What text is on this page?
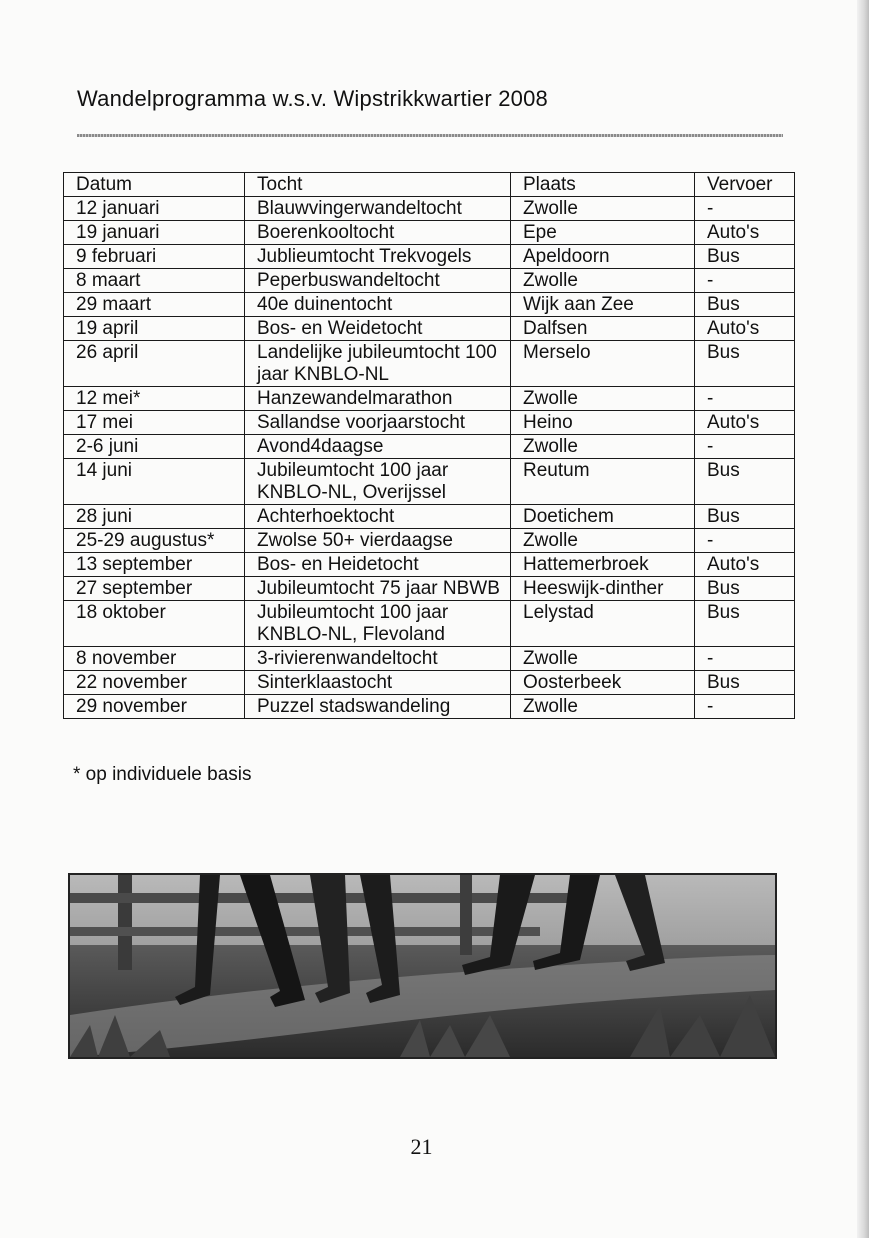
Wandelprogramma w.s.v. Wipstrikkwartier 2008
Datum	Tocht	Plaats	Vervoer
12 januari	Blauwvingerwandeltocht	Zwolle	-
19 januari	Boerenkooltocht	Epe	Auto's
9 februari	Jublieumtocht Trekvogels	Apeldoorn	Bus
8 maart	Peperbuswandeltocht	Zwolle	-
29 maart	40e duinentocht	Wijk aan Zee	Bus
19 april	Bos- en Weidetocht	Dalfsen	Auto's
26 april	Landelijke jubileumtocht 100 jaar KNBLO-NL	Merselo	Bus
12 mei*	Hanzewandelmarathon	Zwolle	-
17 mei	Sallandse voorjaarstocht	Heino	Auto's
2-6 juni	Avond4daagse	Zwolle	-
14 juni	Jubileumtocht 100 jaar KNBLO-NL, Overijssel	Reutum	Bus
28 juni	Achterhoektocht	Doetichem	Bus
25-29 augustus*	Zwolse 50+ vierdaagse	Zwolle	-
13 september	Bos- en Heidetocht	Hattemerbroek	Auto's
27 september	Jubileumtocht 75 jaar NBWB	Heeswijk-dinther	Bus
18 oktober	Jubileumtocht 100 jaar KNBLO-NL, Flevoland	Lelystad	Bus
8 november	3-rivierenwandeltocht	Zwolle	-
22 november	Sinterklaastocht	Oosterbeek	Bus
29 november	Puzzel stadswandeling	Zwolle	-
* op individuele basis
21
